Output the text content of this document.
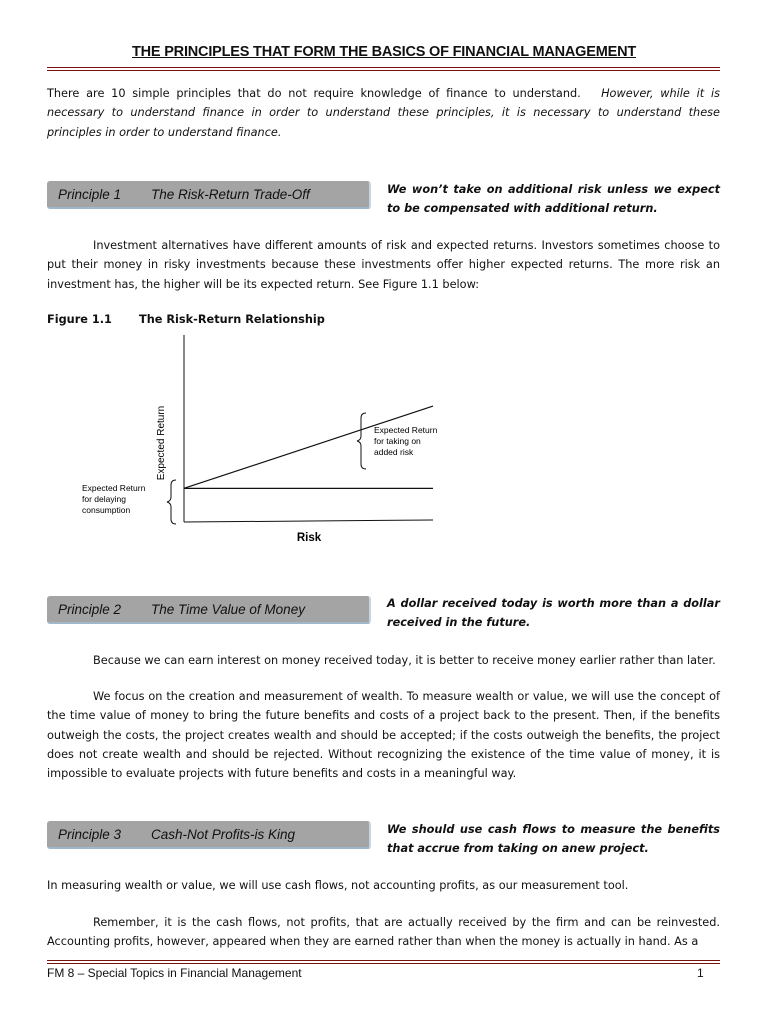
THE PRINCIPLES THAT FORM THE BASICS OF FINANCIAL MANAGEMENT

There are 10 simple principles that do not require knowledge of finance to understand. However, while it is necessary to understand finance in order to understand these principles, it is necessary to understand these principles in order to understand finance.

Principle 1 The Risk-Return Trade-Off	We won’t take on additional risk unless we expect to be compensated with additional return.

Investment alternatives have different amounts of risk and expected returns. Investors sometimes choose to put their money in risky investments because these investments offer higher expected returns. The more risk an investment has, the higher will be its expected return. See Figure 1.1 below:

Figure 1.1 The Risk-Return Relationship
Expected Return
Risk
Expected Return
for taking on
added risk
Expected Return
for delaying
consumption
Principle 2 The Time Value of Money	A dollar received today is worth more than a dollar received in the future.

Because we can earn interest on money received today, it is better to receive money earlier rather than later.

We focus on the creation and measurement of wealth. To measure wealth or value, we will use the concept of the time value of money to bring the future benefits and costs of a project back to the present. Then, if the benefits outweigh the costs, the project creates wealth and should be accepted; if the costs outweigh the benefits, the project does not create wealth and should be rejected. Without recognizing the existence of the time value of money, it is impossible to evaluate projects with future benefits and costs in a meaningful way.

Principle 3 Cash-Not Profits-is King	We should use cash flows to measure the benefits that accrue from taking on anew project.

In measuring wealth or value, we will use cash flows, not accounting profits, as our measurement tool.

Remember, it is the cash flows, not profits, that are actually received by the firm and can be reinvested. Accounting profits, however, appeared when they are earned rather than when the money is actually in hand. As a

FM 8 – Special Topics in Financial Management	1
